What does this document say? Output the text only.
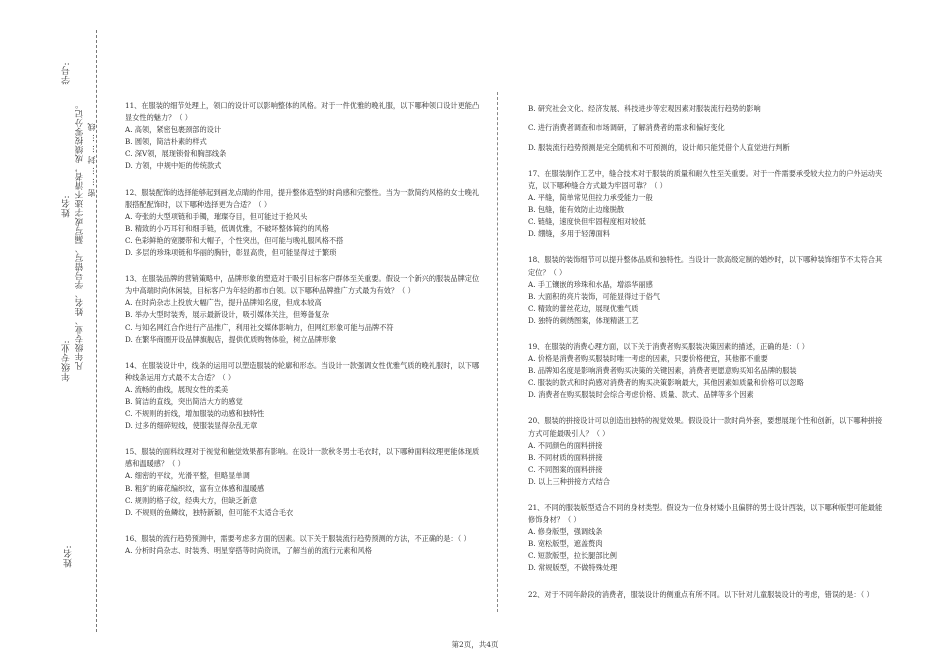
姓名:
年级专业: 凡年级专业、姓名、学号错写、漏写或字迹不清者，成绩按零分记。 密……封……线
姓名:
学号:

11、在服装的细节处理上，领口的设计可以影响整体的风格。对于一件优雅的晚礼服，以下哪种领口设计更能凸显女性的魅力？（ ）

A. 高领，紧密包裹颈部的设计

B. 圆领，简洁朴素的样式

C. 深V领，展现锁骨和胸部线条

D. 方领，中规中矩的传统款式

12、服装配饰的选择能够起到画龙点睛的作用，提升整体造型的时尚感和完整性。当为一款简约风格的女士晚礼服搭配配饰时，以下哪种选择更为合适？（ ）

A. 夸张的大型项链和手镯，璀璨夺目，但可能过于抢风头

B. 精致的小巧耳钉和细手链，低调优雅，不破坏整体简约的风格

C. 色彩鲜艳的宽腰带和大帽子，个性突出，但可能与晚礼服风格不搭

D. 多层的珍珠项链和华丽的胸针，彰显高贵，但可能显得过于繁琐

13、在服装品牌的营销策略中，品牌形象的塑造对于吸引目标客户群体至关重要。假设一个新兴的服装品牌定位为中高端时尚休闲装，目标客户为年轻的都市白领。以下哪种品牌推广方式最为有效？（ ）

A. 在时尚杂志上投放大幅广告，提升品牌知名度，但成本较高

B. 举办大型时装秀，展示最新设计，吸引媒体关注，但筹备复杂

C. 与知名网红合作进行产品推广，利用社交媒体影响力，但网红形象可能与品牌不符

D. 在繁华商圈开设品牌旗舰店，提供优质购物体验，树立品牌形象

14、在服装设计中，线条的运用可以塑造服装的轮廓和形态。当设计一款强调女性优雅气质的晚礼服时，以下哪种线条运用方式最不太合适？（ ）

A. 流畅的曲线，展现女性的柔美

B. 简洁的直线，突出简洁大方的感觉

C. 不规则的折线，增加服装的动感和独特性

D. 过多的细碎短线，使服装显得杂乱无章

15、服装的面料纹理对于视觉和触觉效果都有影响。在设计一款秋冬男士毛衣时，以下哪种面料纹理更能体现质感和温暖感？（ ）

A. 细密的平纹，光滑平整，但略显单调

B. 粗犷的麻花编织纹，富有立体感和温暖感

C. 规则的格子纹，经典大方，但缺乏新意

D. 不规则的鱼鳞纹，独特新颖，但可能不太适合毛衣

16、服装的流行趋势预测中，需要考虑多方面的因素。以下关于服装流行趋势预测的方法，不正确的是：（ ）

A. 分析时尚杂志、时装秀、明星穿搭等时尚资讯，了解当前的流行元素和风格

B. 研究社会文化、经济发展、科技进步等宏观因素对服装流行趋势的影响

C. 进行消费者调查和市场调研，了解消费者的需求和偏好变化

D. 服装流行趋势预测是完全随机和不可预测的，设计师只能凭借个人直觉进行判断

17、在服装制作工艺中，缝合技术对于服装的质量和耐久性至关重要。对于一件需要承受较大拉力的户外运动夹克，以下哪种缝合方式最为牢固可靠？（ ）

A. 平缝，简单常见但拉力承受能力一般

B. 包缝，能有效防止边缘脱散

C. 链缝，速度快但牢固程度相对较低

D. 绷缝，多用于轻薄面料

18、服装的装饰细节可以提升整体品质和独特性。当设计一款高级定制的婚纱时，以下哪种装饰细节不太符合其定位？（ ）

A. 手工镶嵌的珍珠和水晶，增添华丽感

B. 大面积的亮片装饰，可能显得过于俗气

C. 精致的蕾丝花边，展现优雅气质

D. 独特的刺绣图案，体现精湛工艺

19、在服装的消费心理方面，以下关于消费者购买服装决策因素的描述，正确的是：（ ）

A. 价格是消费者购买服装时唯一考虑的因素，只要价格便宜，其他都不重要

B. 品牌知名度是影响消费者购买决策的关键因素，消费者更愿意购买知名品牌的服装

C. 服装的款式和时尚感对消费者的购买决策影响最大，其他因素如质量和价格可以忽略

D. 消费者在购买服装时会综合考虑价格、质量、款式、品牌等多个因素

20、服装的拼接设计可以创造出独特的视觉效果。假设设计一款时尚外套，要想展现个性和创新，以下哪种拼接方式可能最吸引人？（ ）

A. 不同颜色的面料拼接

B. 不同材质的面料拼接

C. 不同图案的面料拼接

D. 以上三种拼接方式结合

21、不同的服装版型适合不同的身材类型。假设为一位身材矮小且偏胖的男士设计西装，以下哪种版型可能最能修饰身材？（ ）

A. 修身版型，强调线条

B. 宽松版型，遮盖赘肉

C. 短款版型，拉长腿部比例

D. 常规版型，不做特殊处理

22、对于不同年龄段的消费者，服装设计的侧重点有所不同。以下针对儿童服装设计的考虑，错误的是：（ ）

第2页，共4页
